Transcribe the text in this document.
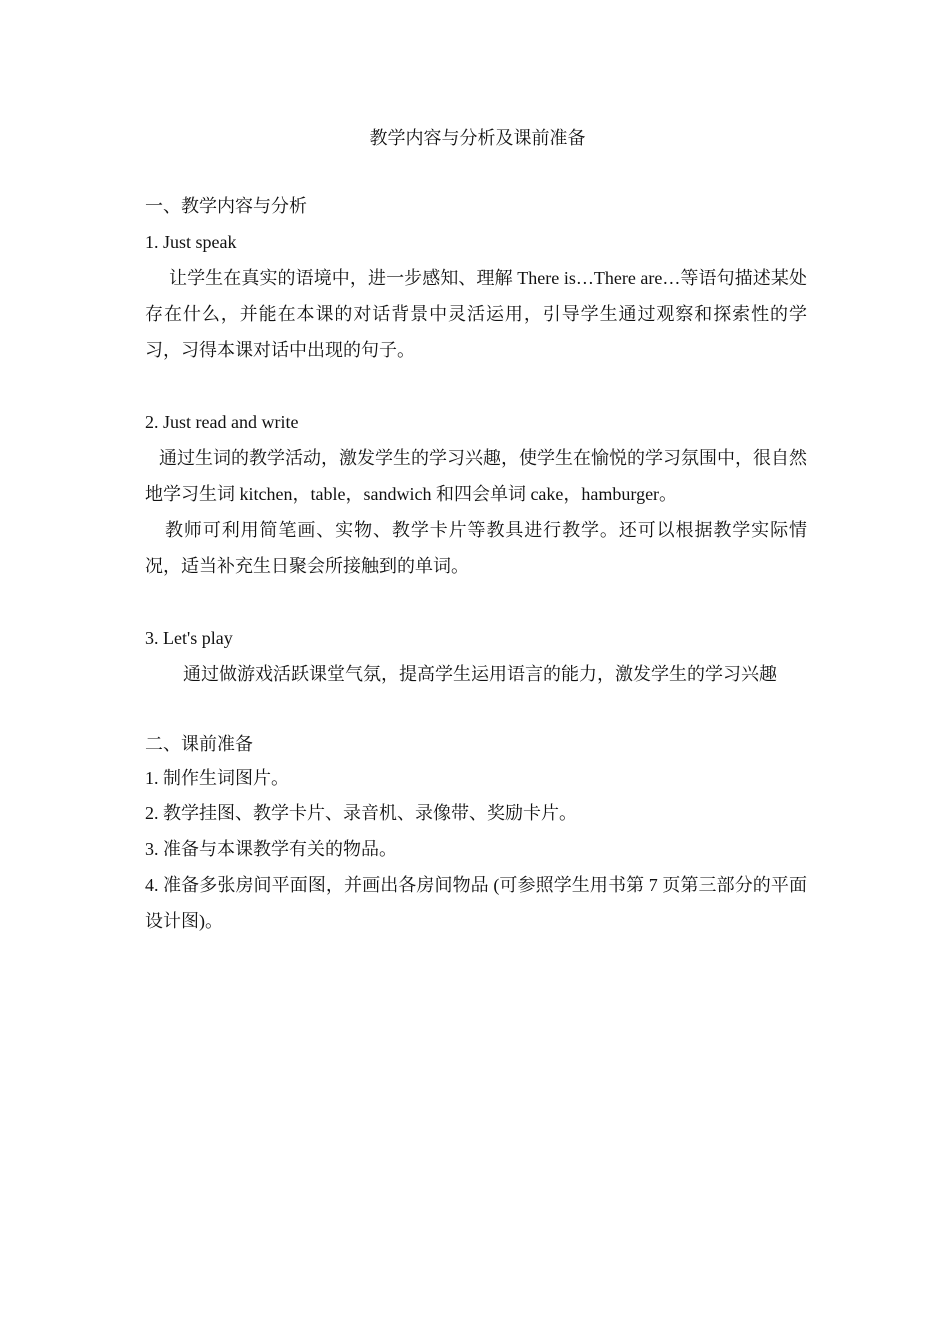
教学内容与分析及课前准备
一、教学内容与分析
1. Just speak

让学生在真实的语境中，进一步感知、理解 There is…There are…等语句描述某处存在什么，并能在本课的对话背景中灵活运用，引导学生通过观察和探索性的学习，习得本课对话中出现的句子。

2. Just read and write

通过生词的教学活动，激发学生的学习兴趣，使学生在愉悦的学习氛围中，很自然地学习生词 kitchen，table，sandwich 和四会单词 cake，hamburger。

教师可利用简笔画、实物、教学卡片等教具进行教学。还可以根据教学实际情况，适当补充生日聚会所接触到的单词。

3. Let's play

通过做游戏活跃课堂气氛，提高学生运用语言的能力，激发学生的学习兴趣

二、课前准备
1. 制作生词图片。
2. 教学挂图、教学卡片、录音机、录像带、奖励卡片。
3. 准备与本课教学有关的物品。

4. 准备多张房间平面图，并画出各房间物品 (可参照学生用书第 7 页第三部分的平面设计图)。
